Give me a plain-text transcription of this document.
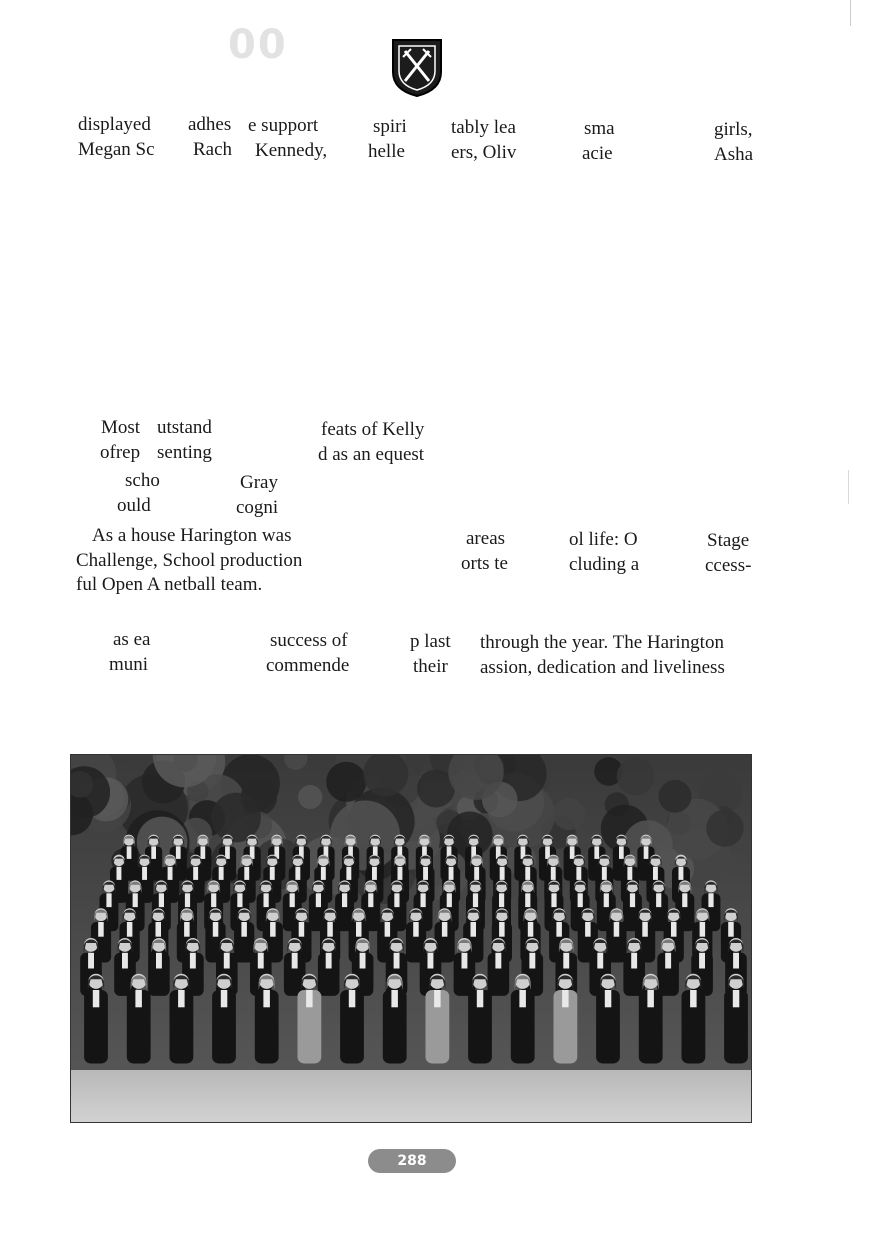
00
displayed adhes e support	spiri tably lea	sma	girls,
Megan Sc Rach Kennedy, helle ers, Oliv	acie	Asha
Most utstand	feats of Kelly
ofrep senting	d as an equest
scho	Gray
ould	cogni
As a house Harington was	areas	ol life: O	Stage
Challenge, School production	orts te	cluding a	ccess-
ful Open A netball team.
as ea	success of	p last through the year. The Harington
muni	commende	their assion, dedication and liveliness
288
